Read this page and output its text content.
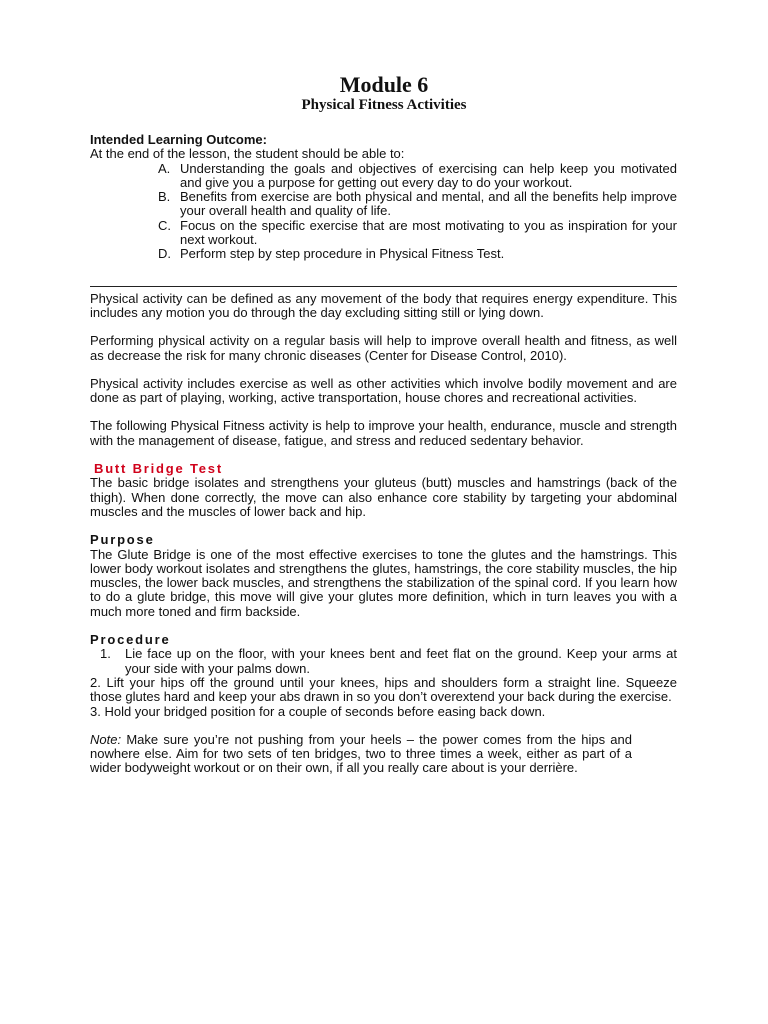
Module 6
Physical Fitness Activities
Intended Learning Outcome:
At the end of the lesson, the student should be able to:
A. Understanding the goals and objectives of exercising can help keep you motivated and give you a purpose for getting out every day to do your workout.
B. Benefits from exercise are both physical and mental, and all the benefits help improve your overall health and quality of life.
C. Focus on the specific exercise that are most motivating to you as inspiration for your next workout.
D. Perform step by step procedure in Physical Fitness Test.

Physical activity can be defined as any movement of the body that requires energy expenditure. This includes any motion you do through the day excluding sitting still or lying down.

Performing physical activity on a regular basis will help to improve overall health and fitness, as well as decrease the risk for many chronic diseases (Center for Disease Control, 2010).

Physical activity includes exercise as well as other activities which involve bodily movement and are done as part of playing, working, active transportation, house chores and recreational activities.

The following Physical Fitness activity is help to improve your health, endurance, muscle and strength with the management of disease, fatigue, and stress and reduced sedentary behavior.

Butt Bridge Test

The basic bridge isolates and strengthens your gluteus (butt) muscles and hamstrings (back of the thigh). When done correctly, the move can also enhance core stability by targeting your abdominal muscles and the muscles of lower back and hip.

Purpose

The Glute Bridge is one of the most effective exercises to tone the glutes and the hamstrings. This lower body workout isolates and strengthens the glutes, hamstrings, the core stability muscles, the hip muscles, the lower back muscles, and strengthens the stabilization of the spinal cord. If you learn how to do a glute bridge, this move will give your glutes more definition, which in turn leaves you with a much more toned and firm backside.

Procedure
1.	Lie face up on the floor, with your knees bent and feet flat on the ground. Keep your arms at your side with your palms down.

2. Lift your hips off the ground until your knees, hips and shoulders form a straight line. Squeeze those glutes hard and keep your abs drawn in so you don’t overextend your back during the exercise.

3. Hold your bridged position for a couple of seconds before easing back down.

Note: Make sure you’re not pushing from your heels – the power comes from the hips and nowhere else. Aim for two sets of ten bridges, two to three times a week, either as part of a wider bodyweight workout or on their own, if all you really care about is your derrière.
